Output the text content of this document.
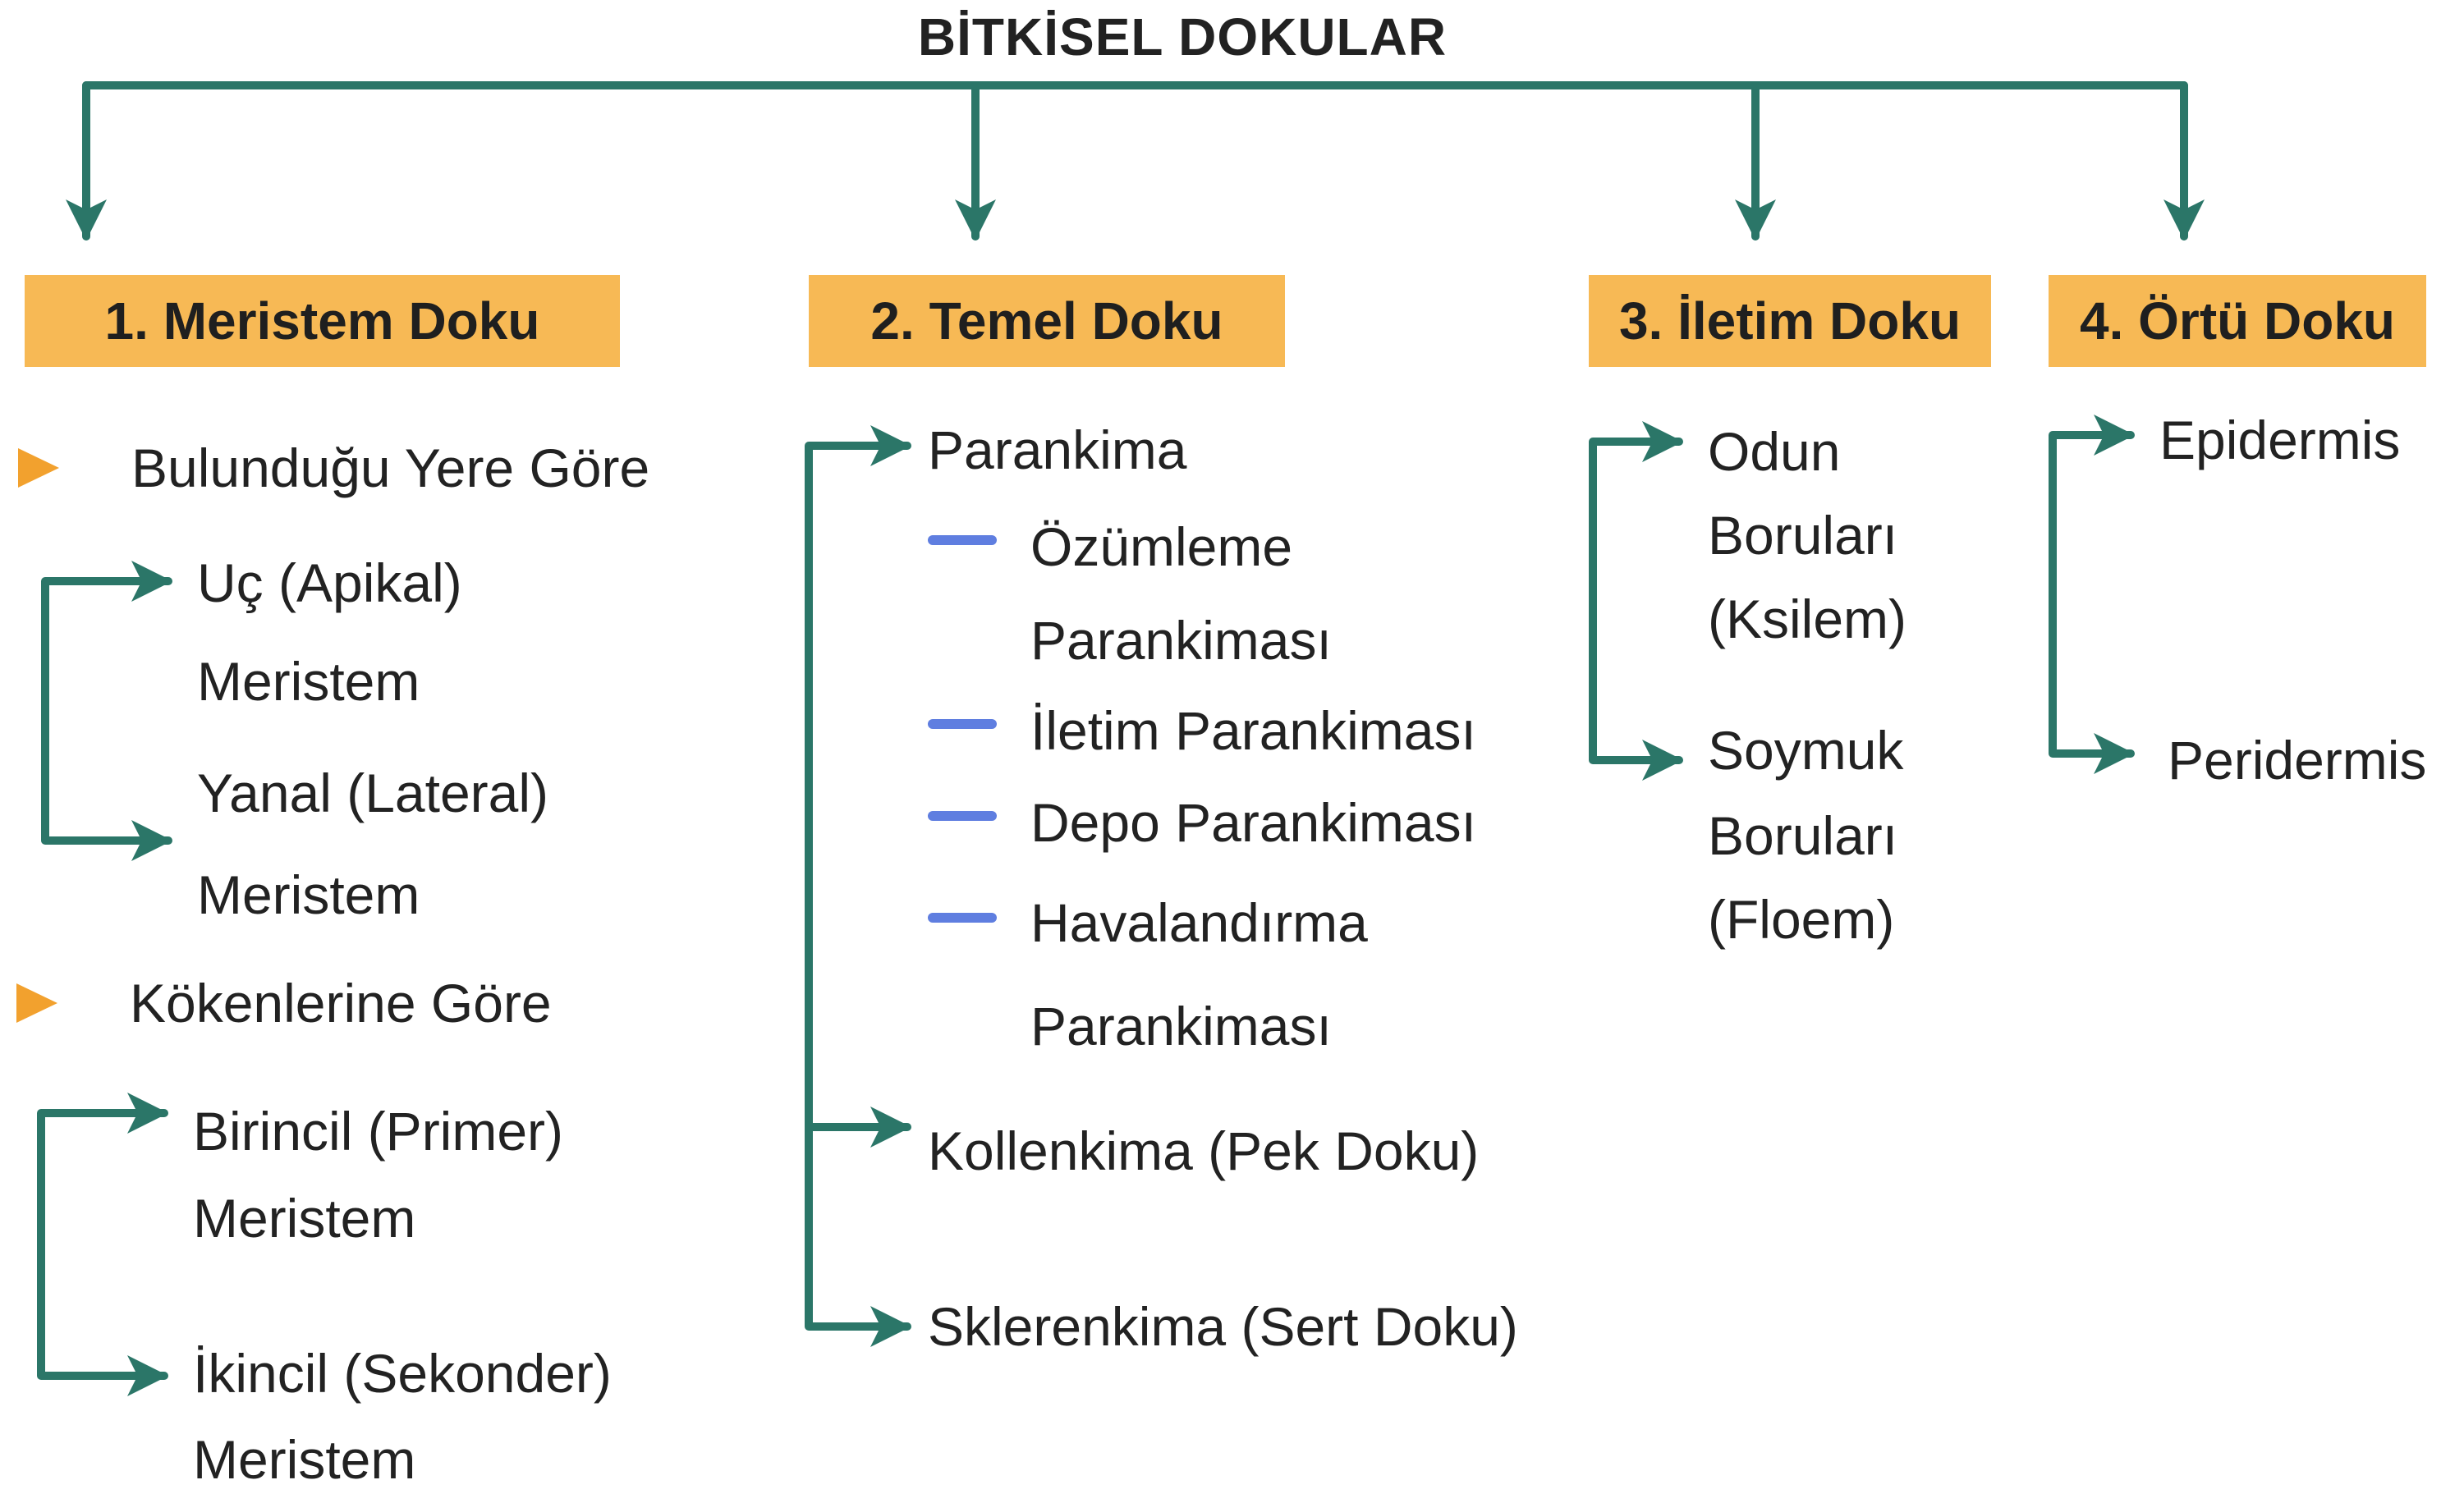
BİTKİSEL DOKULAR
1. Meristem Doku	2. Temel Doku	3. İletim Doku	4. Örtü Doku
Bulunduğu Yere Göre
Uç (Apikal)
Meristem
Yanal (Lateral)
Meristem
Kökenlerine Göre
Birincil (Primer)
Meristem
İkincil (Sekonder)
Meristem
Parankima
Özümleme
Parankiması
İletim Parankiması
Depo Parankiması
Havalandırma
Parankiması
Kollenkima (Pek Doku)
Sklerenkima (Sert Doku)
Odun
Boruları
(Ksilem)
Soymuk
Boruları
(Floem)
Epidermis
Peridermis
